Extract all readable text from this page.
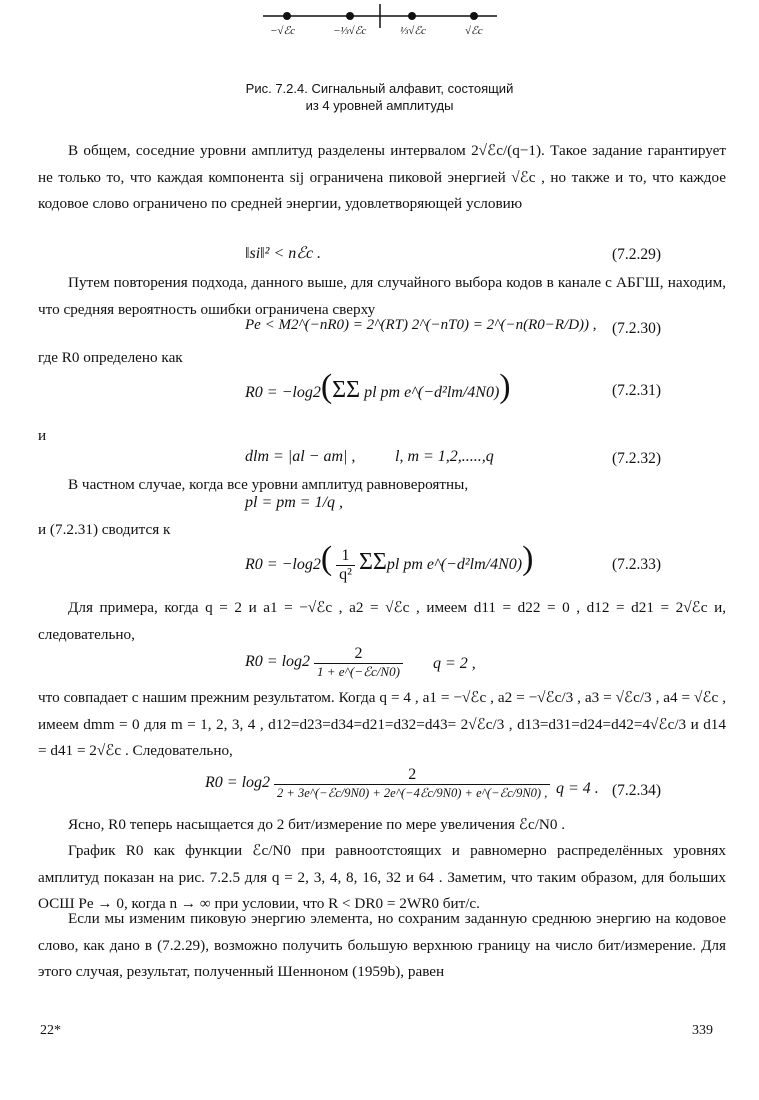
−√ℰc	−⅓√ℰc	⅓√ℰc	√ℰc
Рис. 7.2.4. Сигнальный алфавит, состоящий
из 4 уровней амплитуды
В общем, соседние уровни амплитуд разделены интервалом 2√ℰc/(q−1). Такое задание гарантирует не только то, что каждая компонента sij ограничена пиковой энергией √ℰc , но также и то, что каждое кодовое слово ограничено по средней энергии, удовлетворяющей условию
‖si‖² < nℰc .	(7.2.29)
Путем повторения подхода, данного выше, для случайного выбора кодов в канале с АБГШ, находим, что средняя вероятность ошибки ограничена сверху
Pe < M2^(−nR0) = 2^(RT) 2^(−nT0) = 2^(−n(R0−R/D)) , (7.2.30)
где R0 определено как
R0 = −log2(ΣΣ pl pm e^(−d²lm/4N0))	(7.2.31)
и
dlm = |al − am| , l, m = 1,2,.....,q	(7.2.32)
В частном случае, когда все уровни амплитуд равновероятны,
pl = pm = 1/q ,
и (7.2.31) сводится к
$R0 = -\log 2( \frac{1}{\text{q²}}$ ΣΣpl pm e^(−d²lm/4N0))	(7.2.33)
Для примера, когда q = 2 и a1 = −√ℰc , a2 = √ℰc , имеем d11 = d22 = 0 , d12 = d21 = 2√ℰc и, следовательно,
$R0 = \log 2 \frac{2}{\text{1 + e\textasciicircum{}(−ℰc/N0)}}$ q = 2 ,
что совпадает с нашим прежним результатом. Когда q = 4 , a1 = −√ℰc , a2 = −√ℰc/3 , a3 = √ℰc/3 , a4 = √ℰc , имеем dmm = 0 для m = 1, 2, 3, 4 , d12=d23=d34=d21=d32=d43= 2√ℰc/3 , d13=d31=d24=d42=4√ℰc/3 и d14 = d41 = 2√ℰc . Следовательно,
$R0 = \log 2 \frac{2}{\text{2 + 3e\textasciicircum{}(−ℰc/9N0) + 2e\textasciicircum{}(−4ℰc/9N0) + e\textasciicircum{}(−ℰc/9N0) ,}}$ q = 4 . (7.2.34)
Ясно, R0 теперь насыщается до 2 бит/измерение по мере увеличения ℰc/N0 .
График R0 как функции ℰc/N0 при равноотстоящих и равномерно распределённых уровнях амплитуд показан на рис. 7.2.5 для q = 2, 3, 4, 8, 16, 32 и 64 . Заметим, что таким образом, для больших ОСШ Pe → 0, когда n → ∞ при условии, что R < DR0 = 2WR0 бит/с.
Если мы изменим пиковую энергию элемента, но сохраним заданную среднюю энергию на кодовое слово, как дано в (7.2.29), возможно получить большую верхнюю границу на число бит/измерение. Для этого случая, результат, полученный Шенноном (1959b), равен
22*	339
